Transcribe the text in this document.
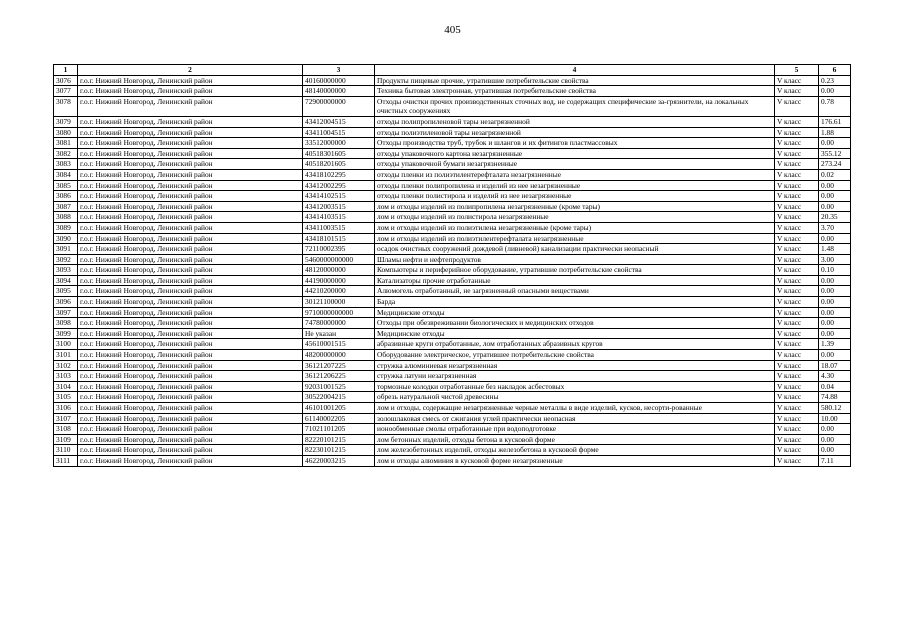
405
1	2	3	4	5	6
3076	г.о.г. Нижний Новгород, Ленинский район	40160000000	Продукты пищевые прочие, утратившие потребительские свойства	V класс	0.23
3077	г.о.г. Нижний Новгород, Ленинский район	48140000000	Техника бытовая электронная, утратившая потребительские свойства	V класс	0.00
3078	г.о.г. Нижний Новгород, Ленинский район	72900000000	Отходы очистки прочих производственных сточных вод, не содержащих специфические за-грязнители, на локальных очистных сооружениях	V класс	0.78
3079	г.о.г. Нижний Новгород, Ленинский район	43412004515	отходы полипропиленовой тары незагрязненной	V класс	176.61
3080	г.о.г. Нижний Новгород, Ленинский район	43411004515	отходы полиэтиленовой тары незагрязненной	V класс	1.88
3081	г.о.г. Нижний Новгород, Ленинский район	33512000000	Отходы производства труб, трубок и шлангов и их фитингов пластмассовых	V класс	0.00
3082	г.о.г. Нижний Новгород, Ленинский район	40518301605	отходы упаковочного картона незагрязненные	V класс	355.12
3083	г.о.г. Нижний Новгород, Ленинский район	40518201605	отходы упаковочной бумаги незагрязненные	V класс	273.24
3084	г.о.г. Нижний Новгород, Ленинский район	43418102295	отходы пленки из полиэтилентерефталата незагрязненные	V класс	0.02
3085	г.о.г. Нижний Новгород, Ленинский район	43412002295	отходы пленки полипропилена и изделий из нее незагрязненные	V класс	0.00
3086	г.о.г. Нижний Новгород, Ленинский район	43414102515	отходы пленки полистирола и изделий из нее незагрязненные	V класс	0.00
3087	г.о.г. Нижний Новгород, Ленинский район	43412003515	лом и отходы изделий из полипропилена незагрязненные (кроме тары)	V класс	0.00
3088	г.о.г. Нижний Новгород, Ленинский район	43414103515	лом и отходы изделий из полистирола незагрязненные	V класс	20.35
3089	г.о.г. Нижний Новгород, Ленинский район	43411003515	лом и отходы изделий из полиэтилена незагрязненные (кроме тары)	V класс	3.70
3090	г.о.г. Нижний Новгород, Ленинский район	43418101515	лом и отходы изделий из полиэтилентерефталата незагрязненные	V класс	0.00
3091	г.о.г. Нижний Новгород, Ленинский район	72110002395	осадок очистных сооружений дождевой (ливневой) канализации практически неопасный	V класс	1.48
3092	г.о.г. Нижний Новгород, Ленинский район	5460000000000	Шламы нефти и нефтепродуктов	V класс	3.00
3093	г.о.г. Нижний Новгород, Ленинский район	48120000000	Компьютеры и периферийное оборудование, утратившие потребительские свойства	V класс	0.10
3094	г.о.г. Нижний Новгород, Ленинский район	44190000000	Катализаторы прочие отработанные	V класс	0.00
3095	г.о.г. Нижний Новгород, Ленинский район	44210200000	Алюмогель отработанный, не загрязненный опасными веществами	V класс	0.00
3096	г.о.г. Нижний Новгород, Ленинский район	30121100000	Барда	V класс	0.00
3097	г.о.г. Нижний Новгород, Ленинский район	9710000000000	Медицинские отходы	V класс	0.00
3098	г.о.г. Нижний Новгород, Ленинский район	74780000000	Отходы при обезвреживании биологических и медицинских отходов	V класс	0.00
3099	г.о.г. Нижний Новгород, Ленинский район	Не указан	Медицинские отходы	V класс	0.00
3100	г.о.г. Нижний Новгород, Ленинский район	45610001515	абразивные круги отработанные, лом отработанных абразивных кругов	V класс	1.39
3101	г.о.г. Нижний Новгород, Ленинский район	48200000000	Оборудование электрическое, утратившее потребительские свойства	V класс	0.00
3102	г.о.г. Нижний Новгород, Ленинский район	36121207225	стружка алюминиевая незагрязненная	V класс	18.07
3103	г.о.г. Нижний Новгород, Ленинский район	36121206225	стружка латуни незагрязненная	V класс	4.30
3104	г.о.г. Нижний Новгород, Ленинский район	92031001525	тормозные колодки отработанные без накладок асбестовых	V класс	0.04
3105	г.о.г. Нижний Новгород, Ленинский район	30522004215	обрезь натуральной чистой древесины	V класс	74.88
3106	г.о.г. Нижний Новгород, Ленинский район	46101001205	лом и отходы, содержащие незагрязненные черные металлы в виде изделий, кусков, несорти-рованные	V класс	580.12
3107	г.о.г. Нижний Новгород, Ленинский район	61140002205	золошлаковая смесь от сжигания углей практически неопасная	V класс	10.00
3108	г.о.г. Нижний Новгород, Ленинский район	71021101205	ионообменные смолы отработанные при водоподготовке	V класс	0.00
3109	г.о.г. Нижний Новгород, Ленинский район	82220101215	лом бетонных изделий, отходы бетона в кусковой форме	V класс	0.00
3110	г.о.г. Нижний Новгород, Ленинский район	82230101215	лом железобетонных изделий, отходы железобетона в кусковой форме	V класс	0.00
3111	г.о.г. Нижний Новгород, Ленинский район	46220003215	лом и отходы алюминия в кусковой форме незагрязненные	V класс	7.11
